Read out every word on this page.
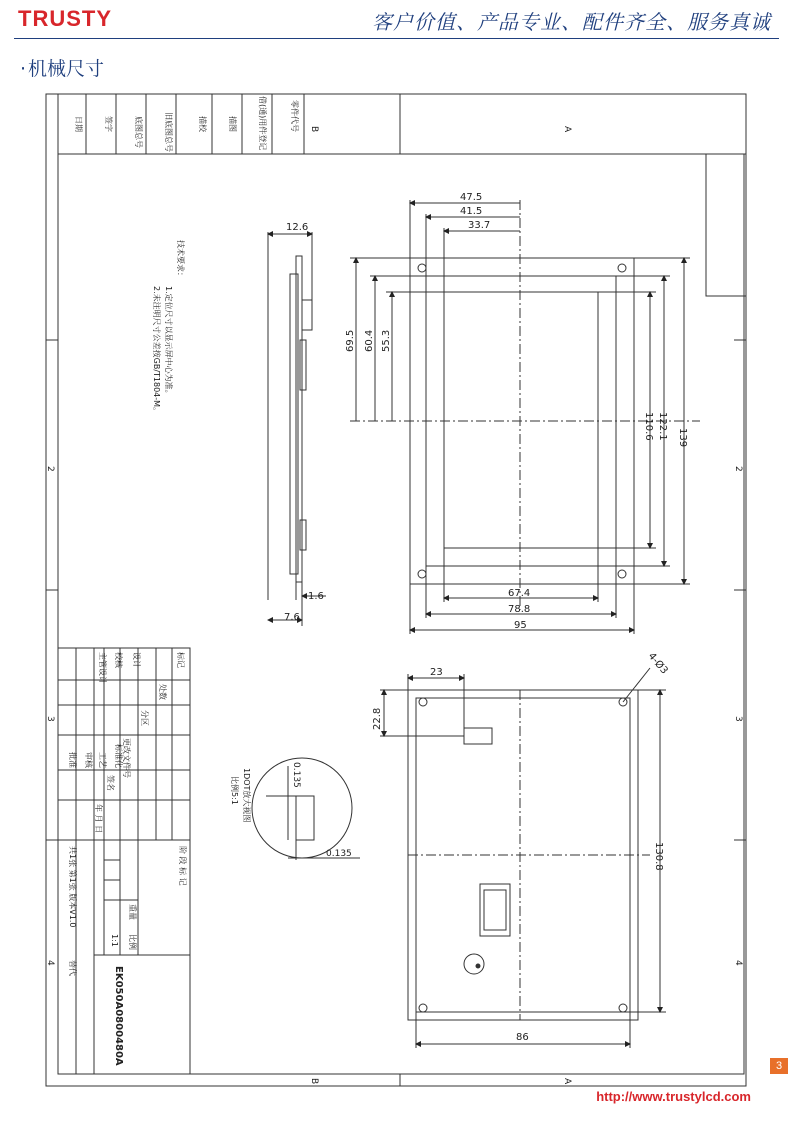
TRUSTY	客户价值、产品专业、配件齐全、服务真诚
· 机械尺寸
B	A
B	A
2
3
4
2
3
4
日期	签字	底图总号	旧底图总号	描校	描图	借(通)用件登记	零件代号
技术要求：
1.定位尺寸以显示屏中心为准。
2.未注明尺寸公差按GB/T1804-M。
12.6
1.6
7.6
47.5
41.5
33.7
69.5 60.4 55.3
139
122.1
110.6
67.4
78.8
95
23
22.8
4-Ø3
130.8
86
1DOT放大视图
比例5:1
0.135
0.135
标记
处数
分区
更改文件号
签名
年 月 日
设计
校核
主管设计
审核 工艺
批准	标准化
阶 段 标 记
重量
比例
1:1
共1张 第1张 版本V1.0
替代	EK050A0800480A
3
http://www.trustylcd.com
